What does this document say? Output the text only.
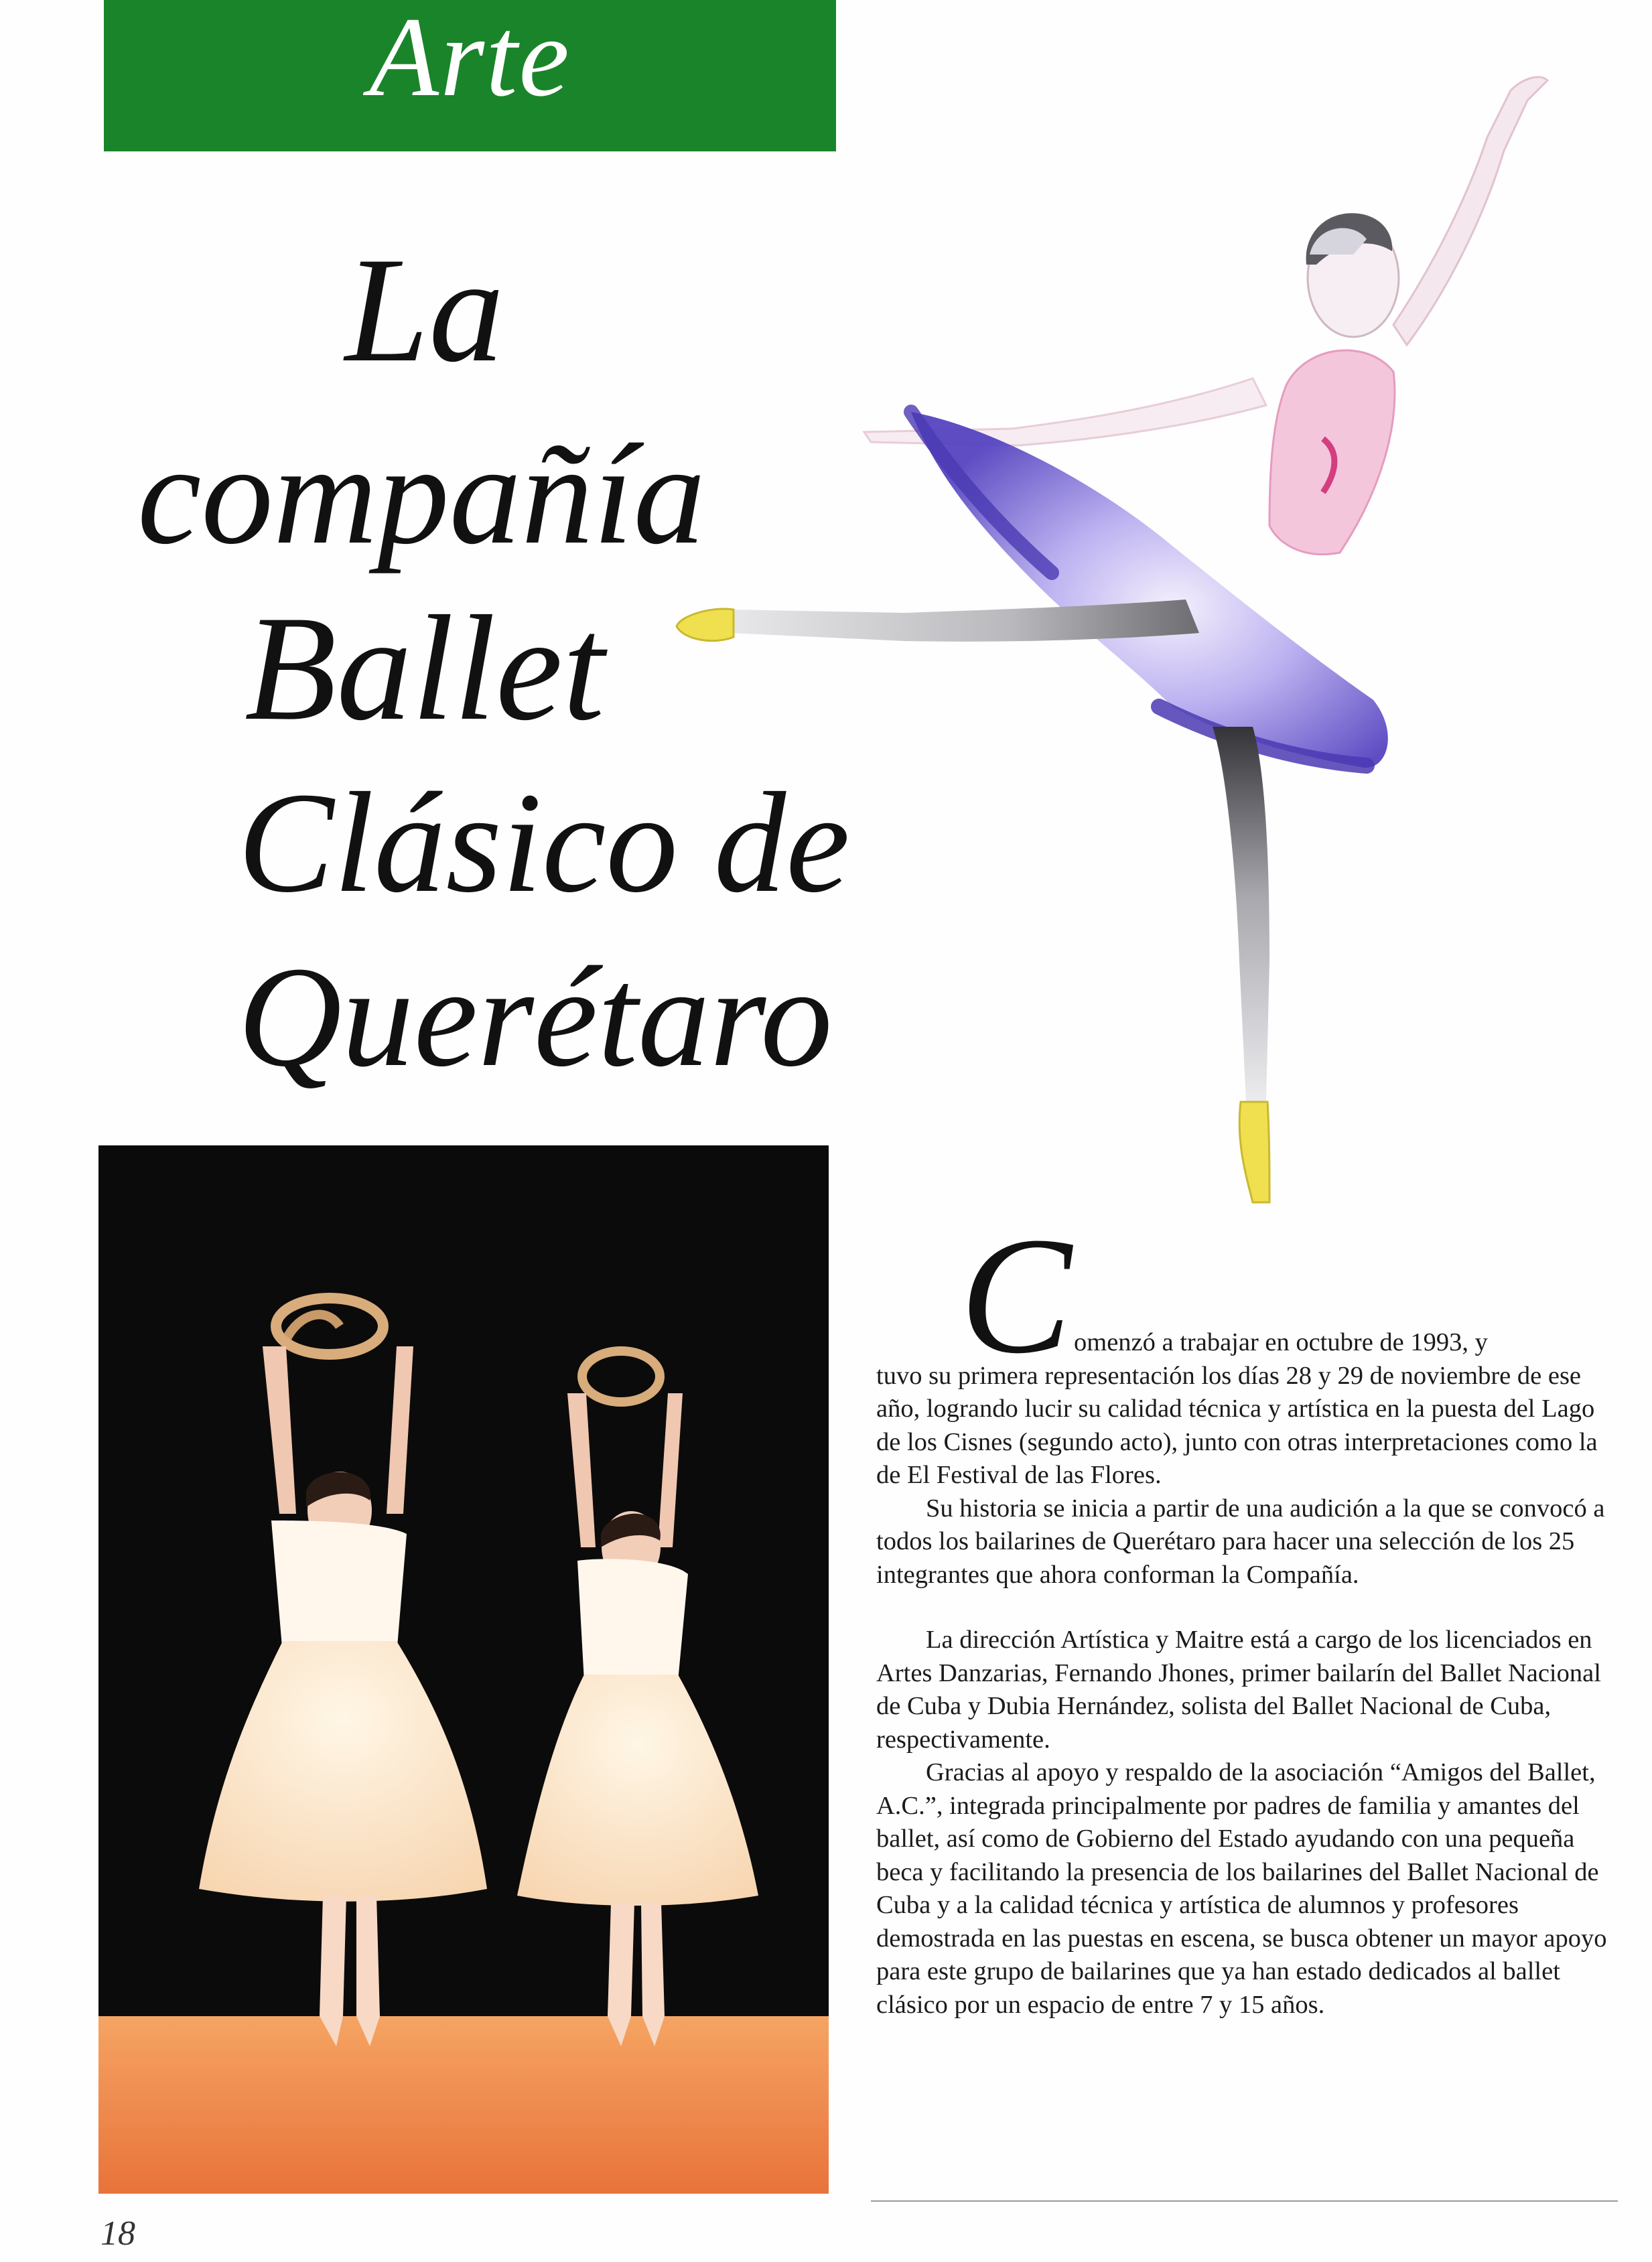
Arte
La
compañía
Ballet
Clásico de
Querétaro
C omenzó a trabajar en octubre de 1993, y
tuvo su primera representación los días 28 y 29 de noviembre de ese año, logrando lucir su calidad técnica y artística en la puesta del Lago de los Cisnes (segundo acto), junto con otras interpretaciones como la de El Festival de las Flores.

Su historia se inicia a partir de una audición a la que se convocó a todos los bailarines de Querétaro para hacer una selección de los 25 integrantes que ahora conforman la Compañía.

La dirección Artística y Maitre está a cargo de los licenciados en Artes Danzarias, Fernando Jhones, primer bailarín del Ballet Nacional de Cuba y Dubia Hernández, solista del Ballet Nacional de Cuba, respectivamente.

Gracias al apoyo y respaldo de la asociación “Amigos del Ballet, A.C.”, integrada principalmente por padres de familia y amantes del ballet, así como de Gobierno del Estado ayudando con una pequeña beca y facilitando la presencia de los bailarines del Ballet Nacional de Cuba y a la calidad técnica y artística de alumnos y profesores demostrada en las puestas en escena, se busca obtener un mayor apoyo para este grupo de bailarines que ya han estado dedicados al ballet clásico por un espacio de entre 7 y 15 años.

18
